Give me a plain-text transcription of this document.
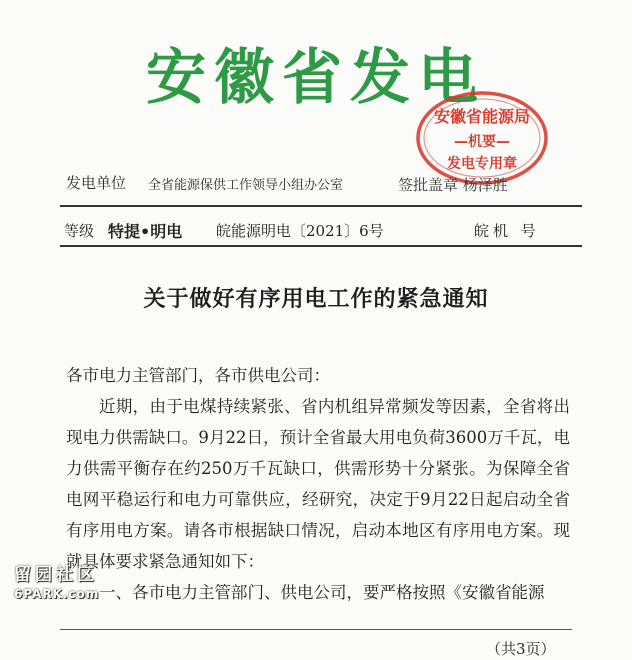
安徽省发电
安徽省能源局
—机要—
发电专用章
发电单位 全省能源保供工作领导小组办公室	签批盖章 杨泽胜
等级 特提•明电 皖能源明电〔2021〕6号	皖机 号
关于做好有序用电工作的紧急通知

各市电力主管部门，各市供电公司：

近期，由于电煤持续紧张、省内机组异常频发等因素，全省将出现电力供需缺口。9月22日，预计全省最大用电负荷3600万千瓦，电力供需平衡存在约250万千瓦缺口，供需形势十分紧张。为保障全省电网平稳运行和电力可靠供应，经研究，决定于9月22日起启动全省有序用电方案。请各市根据缺口情况，启动本地区有序用电方案。现就具体要求紧急通知如下：

一、各市电力主管部门、供电公司，要严格按照《安徽省能源

（共3页）
留园社区
6PARK.com
